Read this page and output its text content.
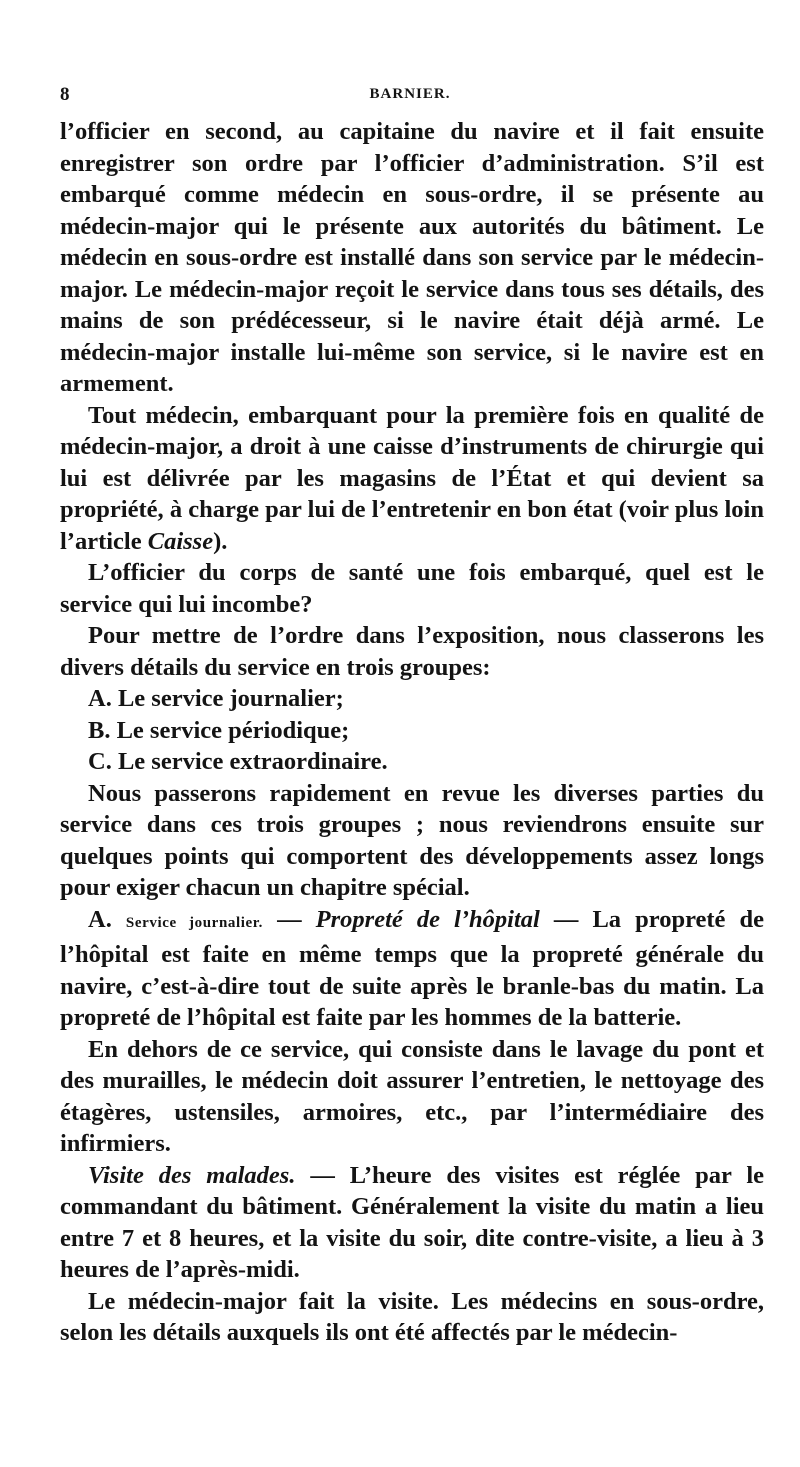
8	BARNIER.

l’officier en second, au capitaine du navire et il fait ensuite enregistrer son ordre par l’officier d’administration. S’il est embarqué comme médecin en sous-ordre, il se présente au médecin-major qui le présente aux autorités du bâtiment. Le médecin en sous-ordre est installé dans son service par le médecin-major. Le médecin-major reçoit le service dans tous ses détails, des mains de son prédécesseur, si le navire était déjà armé. Le médecin-major installe lui-même son service, si le navire est en armement.

Tout médecin, embarquant pour la première fois en qualité de médecin-major, a droit à une caisse d’instruments de chirurgie qui lui est délivrée par les magasins de l’État et qui devient sa propriété, à charge par lui de l’entretenir en bon état (voir plus loin l’article Caisse).

L’officier du corps de santé une fois embarqué, quel est le service qui lui incombe?

Pour mettre de l’ordre dans l’exposition, nous classerons les divers détails du service en trois groupes:

A. Le service journalier;

B. Le service périodique;

C. Le service extraordinaire.

Nous passerons rapidement en revue les diverses parties du service dans ces trois groupes ; nous reviendrons ensuite sur quelques points qui comportent des développements assez longs pour exiger chacun un chapitre spécial.

A. Service journalier. — Propreté de l’hôpital — La propreté de l’hôpital est faite en même temps que la propreté générale du navire, c’est-à-dire tout de suite après le branle-bas du matin. La propreté de l’hôpital est faite par les hommes de la batterie.

En dehors de ce service, qui consiste dans le lavage du pont et des murailles, le médecin doit assurer l’entretien, le nettoyage des étagères, ustensiles, armoires, etc., par l’intermédiaire des infirmiers.

Visite des malades. — L’heure des visites est réglée par le commandant du bâtiment. Généralement la visite du matin a lieu entre 7 et 8 heures, et la visite du soir, dite contre-visite, a lieu à 3 heures de l’après-midi.

Le médecin-major fait la visite. Les médecins en sous-ordre, selon les détails auxquels ils ont été affectés par le médecin-
